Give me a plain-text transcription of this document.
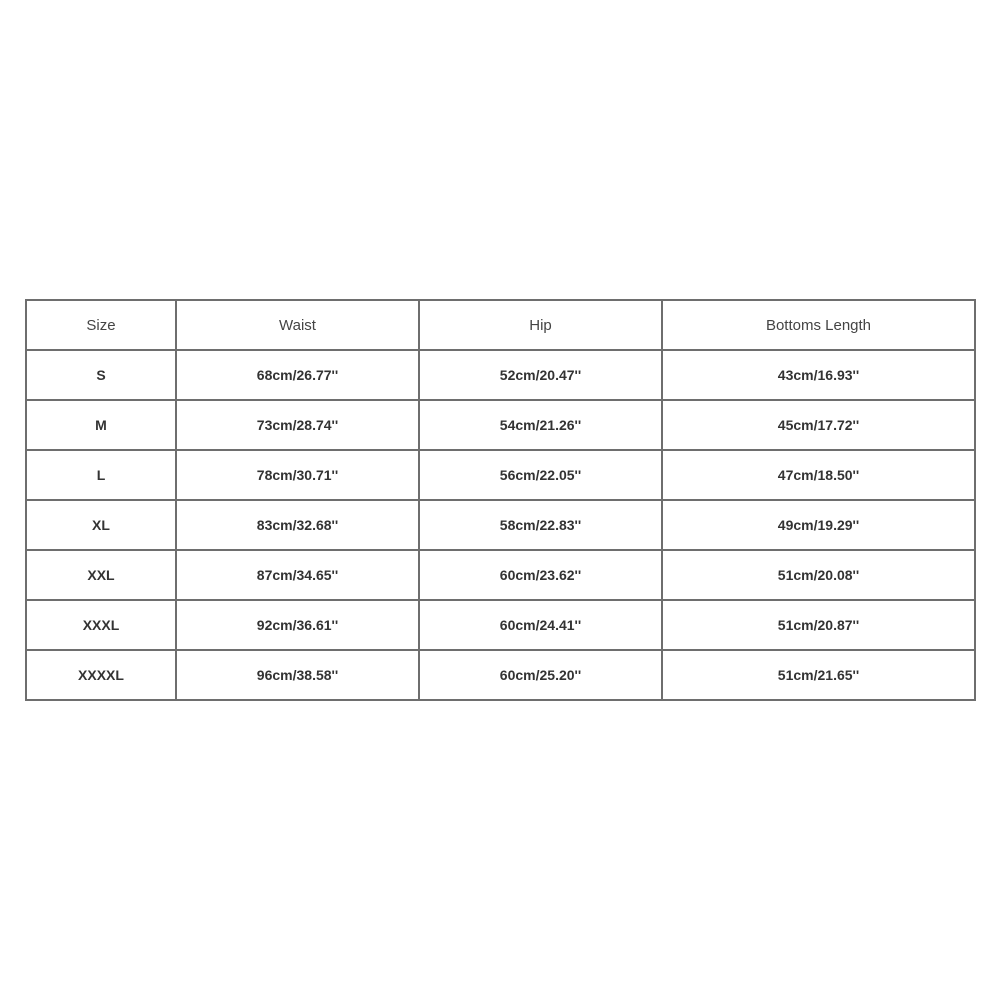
Size	Waist	Hip	Bottoms Length
S	68cm/26.77''	52cm/20.47''	43cm/16.93''
M	73cm/28.74''	54cm/21.26''	45cm/17.72''
L	78cm/30.71''	56cm/22.05''	47cm/18.50''
XL	83cm/32.68''	58cm/22.83''	49cm/19.29''
XXL	87cm/34.65''	60cm/23.62''	51cm/20.08''
XXXL	92cm/36.61''	60cm/24.41''	51cm/20.87''
XXXXL	96cm/38.58''	60cm/25.20''	51cm/21.65''
